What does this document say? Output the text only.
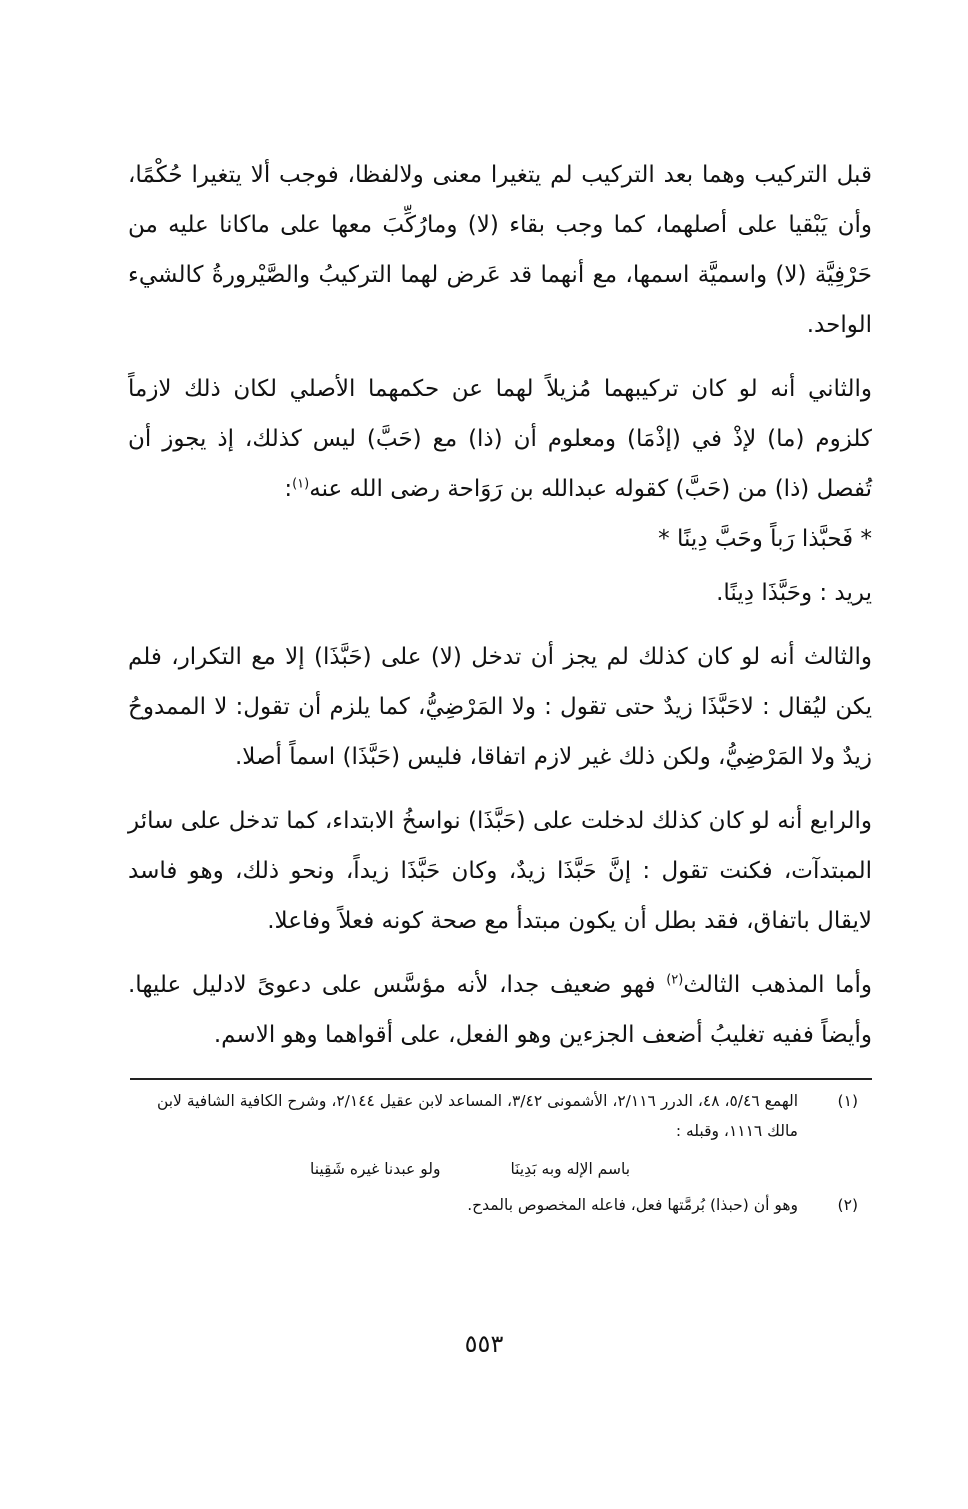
قبل التركيب وهما بعد التركيب لم يتغيرا معنى ولالفظا، فوجب ألا يتغيرا حُكْمًا، وأن يَبْقيا على أصلهما، كما وجب بقاء (لا) ومارُكِّبَ معها على ماكانا عليه من حَرْفِيَّة (لا) واسميَّة اسمها، مع أنهما قد عَرض لهما التركيبُ والصَّيْرورةُ كالشيء الواحد.

والثاني أنه لو كان تركيبهما مُزيلاً لهما عن حكمهما الأصلي لكان ذلك لازماً كلزوم (ما) لإذْ في (إذْمَا) ومعلوم أن (ذا) مع (حَبَّ) ليس كذلك، إذ يجوز أن تُفصل (ذا) من (حَبَّ) كقوله عبدالله بن رَوَاحة رضى الله عنه$^{(١)}$:

* فَحبَّذا رَباً وحَبَّ دِينًا *

يريد : وحَبَّذَا دِينًا.

والثالث أنه لو كان كذلك لم يجز أن تدخل (لا) على (حَبَّذَا) إلا مع التكرار، فلم يكن ليُقال : لاحَبَّذَا زيدٌ حتى تقول : ولا المَرْضِيُّ، كما يلزم أن تقول: لا الممدوحُ زيدٌ ولا المَرْضِيُّ، ولكن ذلك غير لازم اتفاقا، فليس (حَبَّذَا) اسماً أصلا.

والرابع أنه لو كان كذلك لدخلت على (حَبَّذَا) نواسخُ الابتداء، كما تدخل على سائر المبتدآت، فكنت تقول : إنَّ حَبَّذَا زيدٌ، وكان حَبَّذَا زيداً، ونحو ذلك، وهو فاسد لايقال باتفاق، فقد بطل أن يكون مبتدأ مع صحة كونه فعلاً وفاعلا.

وأما المذهب الثالث$^{(٢)}$ فهو ضعيف جدا، لأنه مؤسَّس على دعوىً لادليل عليها. وأيضاً ففيه تغليبُ أضعف الجزءين وهو الفعل، على أقواهما وهو الاسم.

(١)
الهمع ٥/٤٦، ٤٨، الدرر ٢/١١٦، الأشمونى ٣/٤٢، المساعد لابن عقيل ٢/١٤٤، وشرح الكافية الشافية لابن مالك ١١١٦، وقبله :
باسم الإله وبه بَدِينَا
ولو عبدنا غيره شَقِينا
(٢)
وهو أن (حبذا) بُرمَّتها فعل، فاعله المخصوص بالمدح.
٥٥٣
